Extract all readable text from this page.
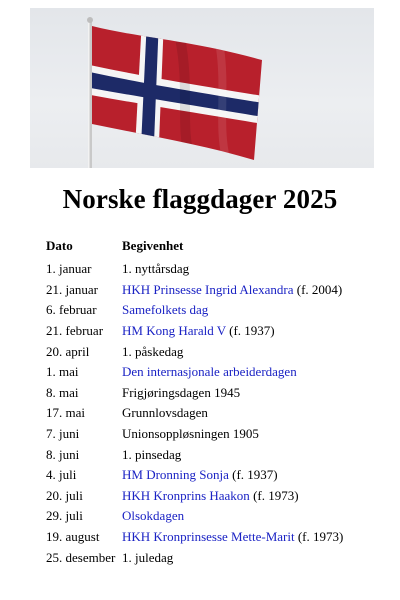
Norske flaggdager 2025
Dato	Begivenhet
1. januar	1. nyttårsdag
21. januar	HKH Prinsesse Ingrid Alexandra (f. 2004)
6. februar	Samefolkets dag
21. februar	HM Kong Harald V (f. 1937)
20. april	1. påskedag
1. mai	Den internasjonale arbeiderdagen
8. mai	Frigjøringsdagen 1945
17. mai	Grunnlovsdagen
7. juni	Unionsoppløsningen 1905
8. juni	1. pinsedag
4. juli	HM Dronning Sonja (f. 1937)
20. juli	HKH Kronprins Haakon (f. 1973)
29. juli	Olsokdagen
19. august	HKH Kronprinsesse Mette-Marit (f. 1973)
25. desember	1. juledag
